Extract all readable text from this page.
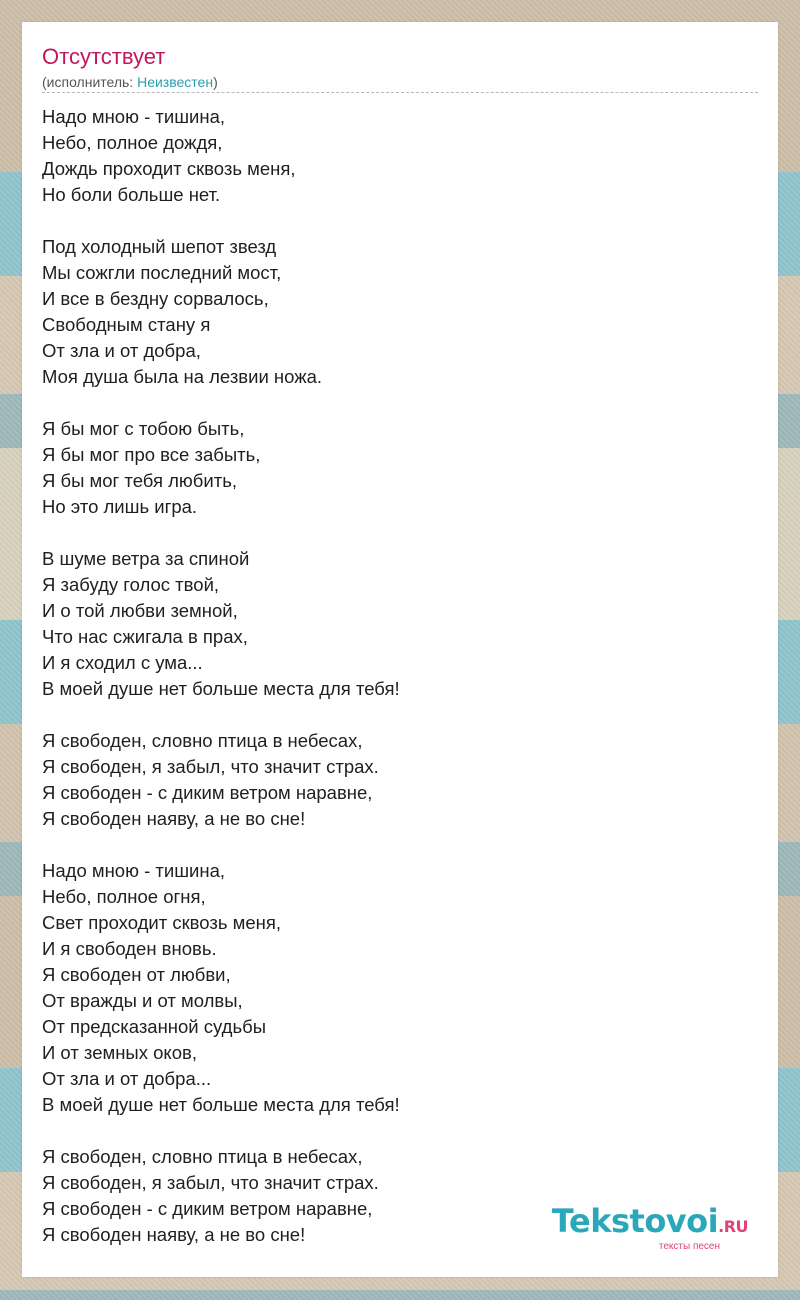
Отсутствует
(исполнитель: Неизвестен)
Надо мною - тишина,
Небо, полное дождя,
Дождь проходит сквозь меня,
Но боли больше нет.
Под холодный шепот звезд
Мы сожгли последний мост,
И все в бездну сорвалось,
Свободным стану я
От зла и от добра,
Моя душа была на лезвии ножа.
Я бы мог с тобою быть,
Я бы мог про все забыть,
Я бы мог тебя любить,
Но это лишь игра.
В шуме ветра за спиной
Я забуду голос твой,
И о той любви земной,
Что нас сжигала в прах,
И я сходил с ума...
В моей душе нет больше места для тебя!
Я свободен, словно птица в небесах,
Я свободен, я забыл, что значит страх.
Я свободен - с диким ветром наравне,
Я свободен наяву, а не во сне!
Надо мною - тишина,
Небо, полное огня,
Свет проходит сквозь меня,
И я свободен вновь.
Я свободен от любви,
От вражды и от молвы,
От предсказанной судьбы
И от земных оков,
От зла и от добра...
В моей душе нет больше места для тебя!
Я свободен, словно птица в небесах,
Я свободен, я забыл, что значит страх.
Я свободен - с диким ветром наравне,
Я свободен наяву, а не во сне!	Tekstovoi.RU
тексты песен
